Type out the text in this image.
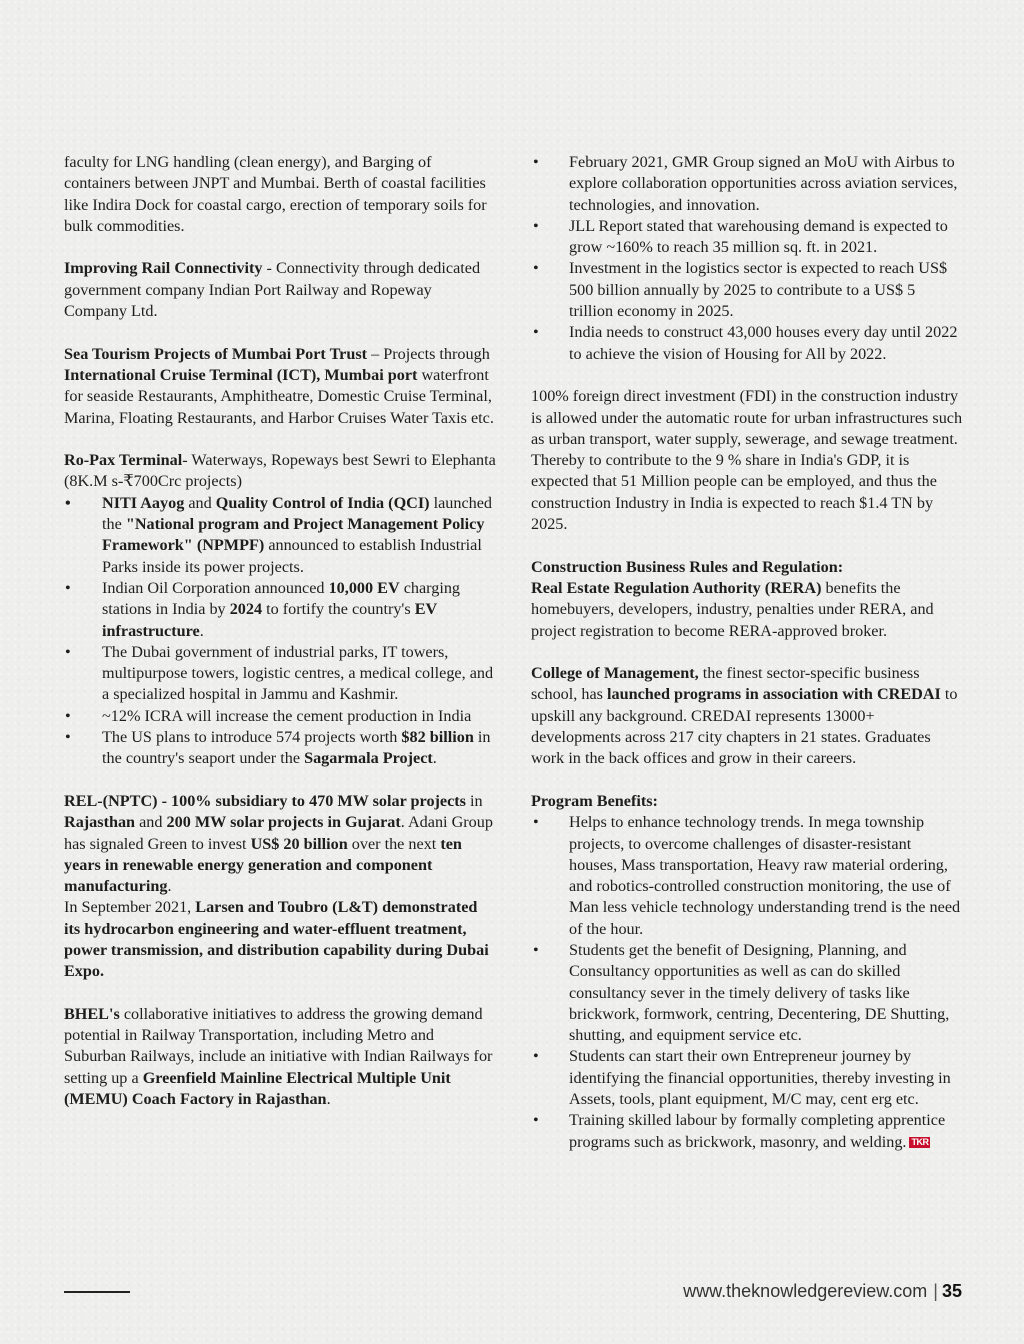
faculty for LNG handling (clean energy), and Barging of containers between JNPT and Mumbai. Berth of coastal facilities like Indira Dock for coastal cargo, erection of temporary soils for bulk commodities.

Improving Rail Connectivity - Connectivity through dedicated government company Indian Port Railway and Ropeway Company Ltd.

Sea Tourism Projects of Mumbai Port Trust – Projects through International Cruise Terminal (ICT), Mumbai port waterfront for seaside Restaurants, Amphitheatre, Domestic Cruise Terminal, Marina, Floating Restaurants, and Harbor Cruises Water Taxis etc.

Ro-Pax Terminal- Waterways, Ropeways best Sewri to Elephanta (8K.M s-₹700Crc projects)

• NITI Aayog and Quality Control of India (QCI) launched the "National program and Project Management Policy Framework" (NPMPF) announced to establish Industrial Parks inside its power projects.
• Indian Oil Corporation announced 10,000 EV charging stations in India by 2024 to fortify the country's EV infrastructure.
• The Dubai government of industrial parks, IT towers, multipurpose towers, logistic centres, a medical college, and a specialized hospital in Jammu and Kashmir.
• ~12% ICRA will increase the cement production in India
• The US plans to introduce 574 projects worth $82 billion in the country's seaport under the Sagarmala Project.

REL-(NPTC) - 100% subsidiary to 470 MW solar projects in Rajasthan and 200 MW solar projects in Gujarat. Adani Group has signaled Green to invest US$ 20 billion over the next ten years in renewable energy generation and component manufacturing.

In September 2021, Larsen and Toubro (L&T) demonstrated its hydrocarbon engineering and water-effluent treatment, power transmission, and distribution capability during Dubai Expo.

BHEL's collaborative initiatives to address the growing demand potential in Railway Transportation, including Metro and Suburban Railways, include an initiative with Indian Railways for setting up a Greenfield Mainline Electrical Multiple Unit (MEMU) Coach Factory in Rajasthan.

• February 2021, GMR Group signed an MoU with Airbus to explore collaboration opportunities across aviation services, technologies, and innovation.
• JLL Report stated that warehousing demand is expected to grow ~160% to reach 35 million sq. ft. in 2021.
• Investment in the logistics sector is expected to reach US$ 500 billion annually by 2025 to contribute to a US$ 5 trillion economy in 2025.
• India needs to construct 43,000 houses every day until 2022 to achieve the vision of Housing for All by 2022.

100% foreign direct investment (FDI) in the construction industry is allowed under the automatic route for urban infrastructures such as urban transport, water supply, sewerage, and sewage treatment. Thereby to contribute to the 9 % share in India's GDP, it is expected that 51 Million people can be employed, and thus the construction Industry in India is expected to reach $1.4 TN by 2025.

Construction Business Rules and Regulation:
Real Estate Regulation Authority (RERA) benefits the homebuyers, developers, industry, penalties under RERA, and project registration to become RERA-approved broker.

College of Management, the finest sector-specific business school, has launched programs in association with CREDAI to upskill any background. CREDAI represents 13000+ developments across 217 city chapters in 21 states. Graduates work in the back offices and grow in their careers.

Program Benefits:

• Helps to enhance technology trends. In mega township projects, to overcome challenges of disaster-resistant houses, Mass transportation, Heavy raw material ordering, and robotics-controlled construction monitoring, the use of Man less vehicle technology understanding trend is the need of the hour.
• Students get the benefit of Designing, Planning, and Consultancy opportunities as well as can do skilled consultancy sever in the timely delivery of tasks like brickwork, formwork, centring, Decentering, DE Shutting, shutting, and equipment service etc.
• Students can start their own Entrepreneur journey by identifying the financial opportunities, thereby investing in Assets, tools, plant equipment, M/C may, cent erg etc.
• Training skilled labour by formally completing apprentice programs such as brickwork, masonry, and welding. TKR
www.theknowledgereview.com | 35
